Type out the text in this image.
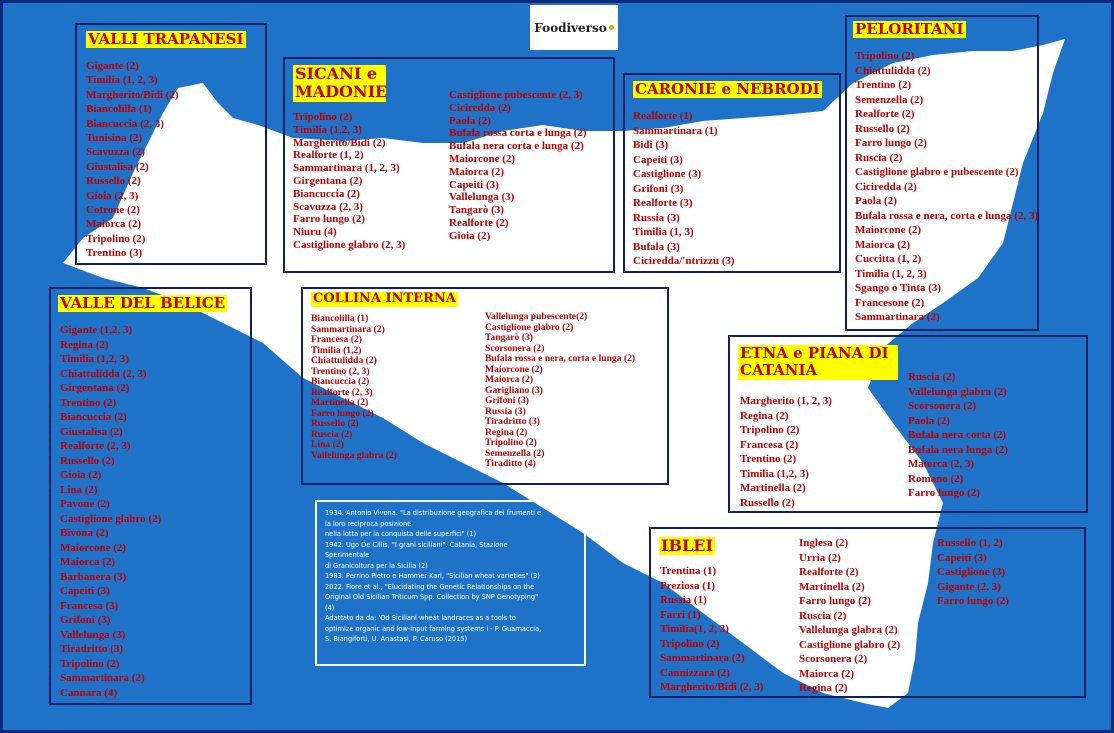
Foodiverso
VALLI TRAPANESI
Gigante (2)
Timilia (1, 2, 3)
Margherito/Bidi (2)
Biancolilla (1)
Biancuccia (2, 3)
Tunisina (2)
Scavuzza (2)
Giustalisa (2)
Russello (2)
Gioia (2, 3)
Cotrone (2)
Maiorca (2)
Tripolino (2)
Trentino (3)
SICANI e MADONIE
Tripolino (2)
Timilia (1,2, 3)
Margherito/Bidi (2)
Realforte (1, 2)
Sammartinara (1, 2, 3)
Girgentana (2)
Biancuccia (2)
Scavuzza (2, 3)
Farro lungo (2)
Niuru (4)
Castiglione glabro (2, 3)
Castiglione pubescente (2, 3)
Ciciredda (2)
Paola (2)
Bufala rossa corta e lunga (2)
Bufala nera corta e lunga (2)
Maiorcone (2)
Maiorca (2)
Capeiti (3)
Vallelunga (3)
Tangarò (3)
Realforte (2)
Gioia (2)
CARONIE e NEBRODI
Realforte (1)
Sammartinara (1)
Bidì (3)
Capeiti (3)
Castiglione (3)
Grifoni (3)
Realforte (3)
Russia (3)
Timilia (1, 3)
Bufala (3)
Ciciredda/'ntrizzu (3)
PELORITANI
Tripolino (2)
Chiattulidda (2)
Trentino (2)
Semenzella (2)
Realforte (2)
Russello (2)
Farro lungo (2)
Ruscia (2)
Castiglione glabro e pubescente (2)
Ciciredda (2)
Paola (2)
Bufala rossa e nera, corta e lunga (2, 3)
Maiorcone (2)
Maiorca (2)
Cuccitta (1, 2)
Timilia (1, 2, 3)
Sgango o Tinta (3)
Francesone (2)
Sammartinara (2)
VALLE DEL BELICE
Gigante (1,2, 3)
Regina (2)
Timilia (1,2, 3)
Chiattulidda (2, 3)
Girgentana (2)
Trentino (2)
Biancuccia (2)
Giustalisa (2)
Realforte (2, 3)
Russello (2)
Gioia (2)
Lina (2)
Pavone (2)
Castiglione glabro (2)
Bivona (2)
Maiorcone (2)
Maiorca (2)
Barbanera (3)
Capeiti (3)
Francesa (3)
Grifoni (3)
Vallelunga (3)
Tiradritto (3)
Tripolino (2)
Sammartinara (2)
Cannara (4)
COLLINA INTERNA
Biancolilla (1)
Sammartinara (2)
Francesa (2)
Timilia (1,2)
Chiattulidda (2)
Trentino (2, 3)
Biancuccia (2)
Realforte (2, 3)
Martinella (2)
Farro lungo (2)
Russello (2)
Ruscia (2)
Lina (2)
Vallelunga glabra (2)
Vallelunga pubescente(2)
Castiglione glabro (2)
Tangarò (3)
Scorsonera (2)
Bufala rossa e nera, corta e lunga (2)
Maiorcone (2)
Maiorca (2)
Garigliano (3)
Grifoni (3)
Russia (3)
Tiradritto (3)
Regina (2)
Tripolino (2)
Semenzella (2)
Tiraditto (4)
ETNA e PIANA DI CATANIA
Margherito (1, 2, 3)
Regina (2)
Tripolino (2)
Francesa (2)
Trentino (2)
Timilia (1,2, 3)
Martinella (2)
Russello (2)
Ruscia (2)
Vallelunga glabra (2)
Scorsonera (2)
Paola (2)
Bufala nera corta (2)
Bufala nera lunga (2)
Maiorca (2, 3)
Romano (2)
Farro lungo (2)
1934. Antonio Vivona. "La distribuzione geografica dei frumenti e
la loro reciproca posizione
nella lotta per la conquista delle superfici" (1)
1942. Ugo De Cillis, "I grani siciliani". Catania, Stazione
Sperimentale
di Granicoltura per la Sicilia (2)
1983. Perrino Pietro e Hammer Karl, "Sicilian wheat varieties" (3)
2022. Fiore et al., "Elucidating the Genetic Relationships on the
Original Old Sicilian Triticum Spp. Collection by SNP Genotyping"
(4)
Adattato da da: 'Od Siciliani wheat landraces as a tools to
optimize organic and low-input farming systems i - P. Guarnaccia,
S. Biangiforti, U. Anastasi, P. Caruso (2015)
IBLEI
Trentina (1)
Preziosa (1)
Russia (1)
Farri (1)
Timilia(1, 2, 3)
Tripolino (2)
Sammartinara (2)
Cannizzara (2)
Margherito/Bidi (2, 3)
Inglesa (2)
Urrìa (2)
Realforte (2)
Martinella (2)
Farro lungo (2)
Ruscia (2)
Vallelunga glabra (2)
Castiglione glabro (2)
Scorsonera (2)
Maiorca (2)
Regina (2)
Russello (1, 2)
Capeiti (3)
Castiglione (3)
Gigante (2, 3)
Farro lungo (2)
